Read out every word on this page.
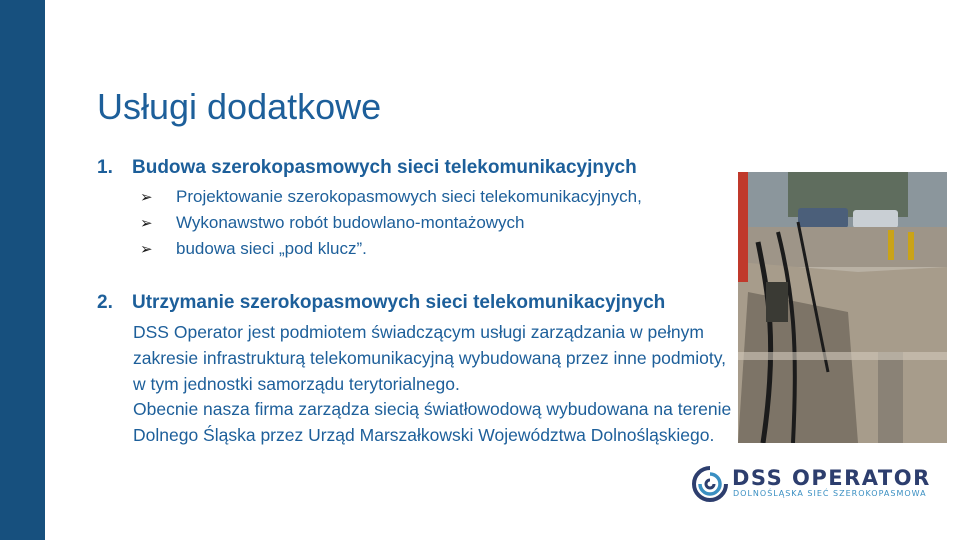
Usługi dodatkowe
1. Budowa szerokopasmowych sieci telekomunikacyjnych
➢ Projektowanie szerokopasmowych sieci telekomunikacyjnych,
➢ Wykonawstwo robót budowlano-montażowych
➢ budowa sieci „pod klucz”.
2. Utrzymanie szerokopasmowych sieci telekomunikacyjnych
DSS Operator jest podmiotem świadczącym usługi zarządzania w pełnym zakresie infrastrukturą telekomunikacyjną wybudowaną przez inne podmioty, w tym jednostki samorządu terytorialnego.
Obecnie nasza firma zarządza siecią światłowodową wybudowana na terenie Dolnego Śląska przez Urząd Marszałkowski Województwa Dolnośląskiego.
DSS OPERATOR
DOLNOŚLĄSKA SIEĆ SZEROKOPASMOWA
